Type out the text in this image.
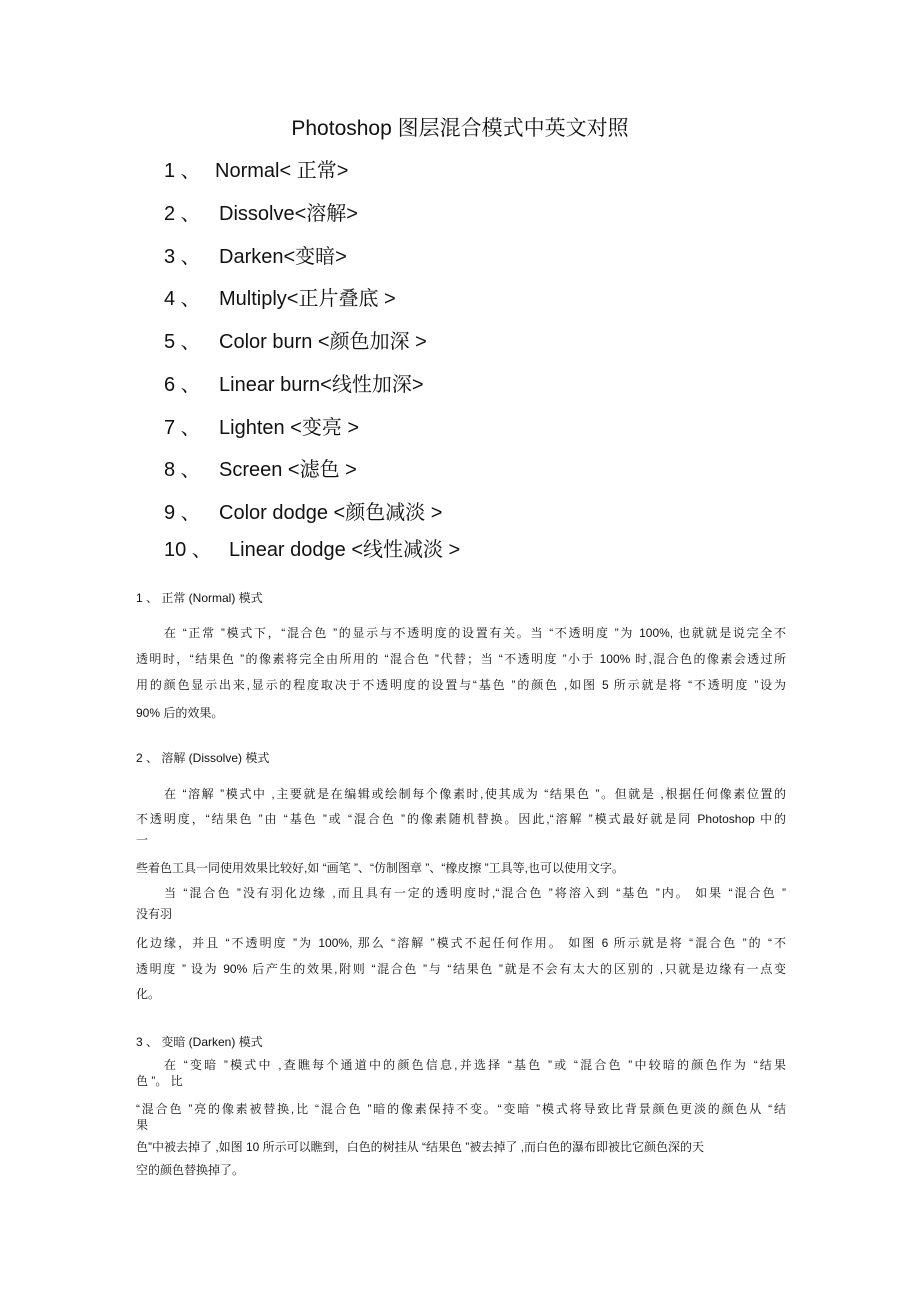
Photoshop 图层混合模式中英文对照
1 、 Normal< 正常>
2 、 Dissolve<溶解>
3 、 Darken<变暗>
4 、 Multiply<正片叠底 >
5 、 Color burn <颜色加深 >
6 、 Linear burn<线性加深>
7 、 Lighten <变亮 >
8 、 Screen <滤色 >
9 、 Color dodge <颜色减淡 >
10 、 Linear dodge <线性减淡 >
1 、 正常 (Normal) 模式
在 “正常 ”模式下，“混合色 ”的显示与不透明度的设置有关。当 “不透明度 ”为 100%, 也就就是说完全不
透明时，“结果色 ”的像素将完全由所用的 “混合色 ”代替；当 “不透明度 ”小于 100% 时,混合色的像素会透过所
用的颜色显示出来,显示的程度取决于不透明度的设置与“基色 ”的颜色 ,如图 5 所示就是将 “不透明度 ”设为
90% 后的效果。
2 、 溶解 (Dissolve) 模式
在 “溶解 ”模式中 ,主要就是在编辑或绘制每个像素时,使其成为 “结果色 ”。但就是 ,根据任何像素位置的
不透明度，“结果色 ”由 “基色 ”或 “混合色 ”的像素随机替换。因此,“溶解 ”模式最好就是同 Photoshop 中的
一
些着色工具一同使用效果比较好,如 “画笔 ”、“仿制图章 ”、“橡皮擦 ”工具等,也可以使用文字。
当 “混合色 ”没有羽化边缘 ,而且具有一定的透明度时,“混合色 ”将溶入到 “基色 ”内。 如果 “混合色 ”
没有羽
化边缘，并且 “不透明度 ”为 100%, 那么 “溶解 ”模式不起任何作用。 如图 6 所示就是将 “混合色 ”的 “不
透明度 ” 设为 90% 后产生的效果,附则 “混合色 ”与 “结果色 ”就是不会有太大的区别的 ,只就是边缘有一点变
化。
3 、 变暗 (Darken) 模式
在 “变暗 ”模式中 ,查瞧每个通道中的颜色信息,并选择 “基色 ”或 “混合色 ”中较暗的颜色作为 “结果
色 ”。 比
“混合色 ”亮的像素被替换,比 “混合色 ”暗的像素保持不变。“变暗 ”模式将导致比背景颜色更淡的颜色从 “结
果
色”中被去掉了 ,如图 10 所示可以瞧到，白色的树挂从 “结果色 ”被去掉了 ,而白色的瀑布即被比它颜色深的天
空的颜色替换掉了。
